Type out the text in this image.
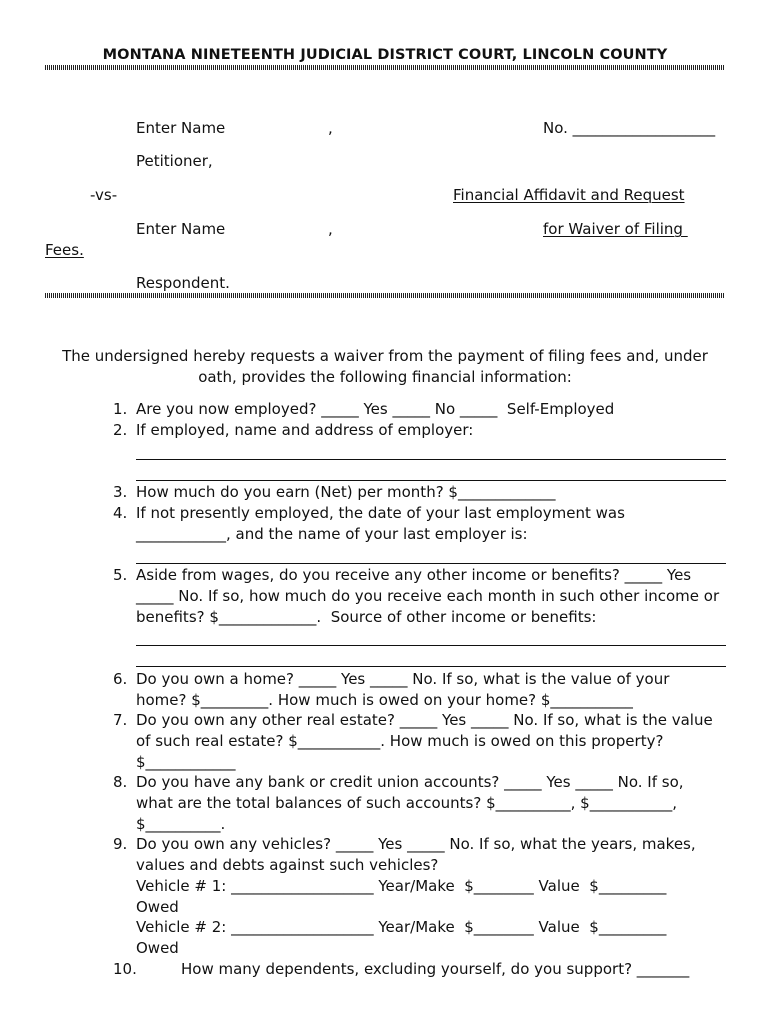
MONTANA NINETEENTH JUDICIAL DISTRICT COURT, LINCOLN COUNTY
Enter Name	,	No. ___________________
Petitioner,
-vs-	Financial Affidavit and Request
Enter Name	,	for Waiver of Filing
Fees.
Respondent.
The undersigned hereby requests a waiver from the payment of filing fees and, under
oath, provides the following financial information:
1. Are you now employed? _____ Yes _____ No _____  Self-Employed
2. If employed, name and address of employer:
3. How much do you earn (Net) per month? $_____________
4. If not presently employed, the date of your last employment was
____________, and the name of your last employer is:
5. Aside from wages, do you receive any other income or benefits? _____ Yes
_____ No. If so, how much do you receive each month in such other income or
benefits? $_____________.  Source of other income or benefits:
6. Do you own a home? _____ Yes _____ No. If so, what is the value of your
home? $_________. How much is owed on your home? $___________
7. Do you own any other real estate? _____ Yes _____ No. If so, what is the value
of such real estate? $___________. How much is owed on this property?
$____________
8. Do you have any bank or credit union accounts? _____ Yes _____ No. If so,
what are the total balances of such accounts? $__________, $___________,
$__________.
9. Do you own any vehicles? _____ Yes _____ No. If so, what the years, makes,
values and debts against such vehicles?
Vehicle # 1: ___________________ Year/Make  $________ Value  $_________
Owed
Vehicle # 2: ___________________ Year/Make  $________ Value  $_________
Owed
10.	How many dependents, excluding yourself, do you support? _______
